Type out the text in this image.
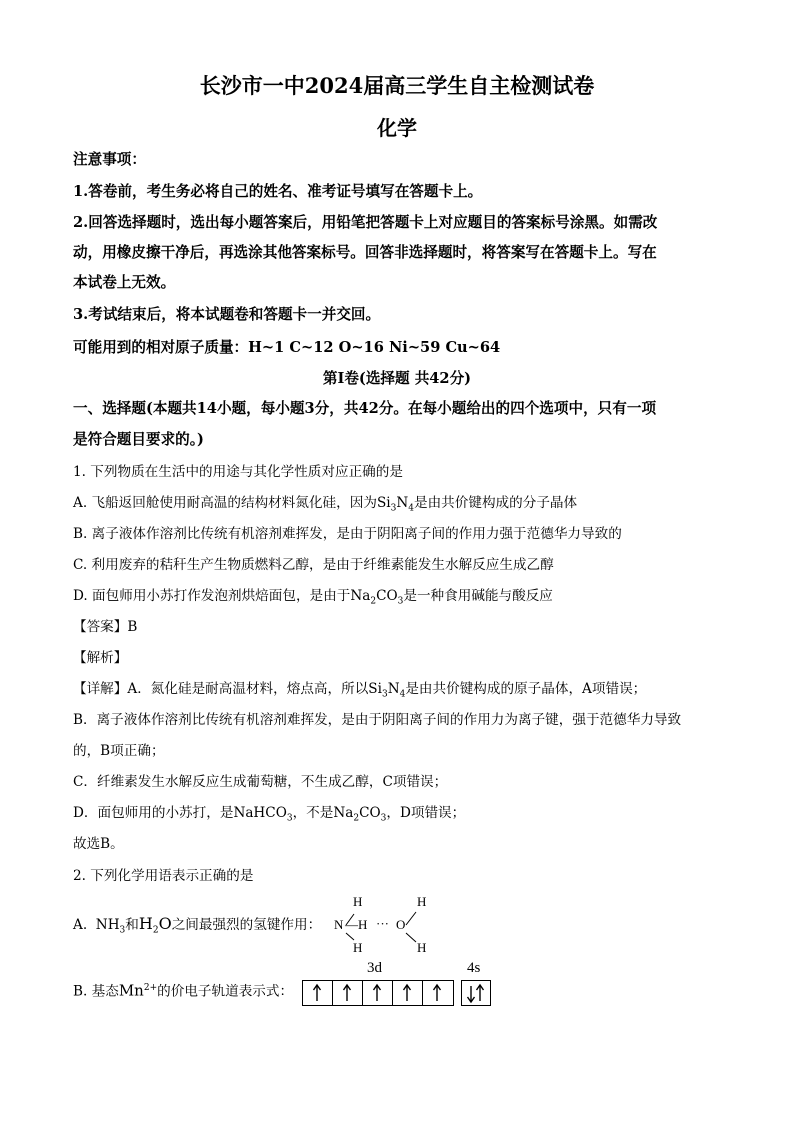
长沙市一中2024届高三学生自主检测试卷
化学
注意事项：
1.答卷前，考生务必将自己的姓名、准考证号填写在答题卡上。
2.回答选择题时，选出每小题答案后，用铅笔把答题卡上对应题目的答案标号涂黑。如需改
动，用橡皮擦干净后，再选涂其他答案标号。回答非选择题时，将答案写在答题卡上。写在
本试卷上无效。
3.考试结束后，将本试题卷和答题卡一并交回。
可能用到的相对原子质量：H~1 C~12 O~16 Ni~59 Cu~64
第I卷(选择题 共42分)
一、选择题(本题共14小题，每小题3分，共42分。在每小题给出的四个选项中，只有一项
是符合题目要求的。)
1. 下列物质在生活中的用途与其化学性质对应正确的是
A. 飞船返回舱使用耐高温的结构材料氮化硅，因为$Si_3N_4$是由共价键构成的分子晶体
B. 离子液体作溶剂比传统有机溶剂难挥发，是由于阴阳离子间的作用力强于范德华力导致的
C. 利用废弃的秸秆生产生物质燃料乙醇，是由于纤维素能发生水解反应生成乙醇
D. 面包师用小苏打作发泡剂烘焙面包，是由于$Na_2CO_3$是一种食用碱能与酸反应
【答案】B
【解析】
【详解】A．氮化硅是耐高温材料，熔点高，所以$Si_3N_4$是由共价键构成的原子晶体，A项错误；
B．离子液体作溶剂比传统有机溶剂难挥发，是由于阴阳离子间的作用力为离子键，强于范德华力导致
的，B项正确；
C．纤维素发生水解反应生成葡萄糖，不生成乙醇，C项错误；
D．面包师用的小苏打，是NaHCO$_3$，不是$Na_2CO_3$，D项错误；
故选B。
2. 下列化学用语表示正确的是
A. $NH_3$和$H_2O$之间最强烈的氢键作用：
H
N —H ···
H
O
H
H
B. 基态$Mn^{2+}$的价电子轨道表示式：
3d	4s
